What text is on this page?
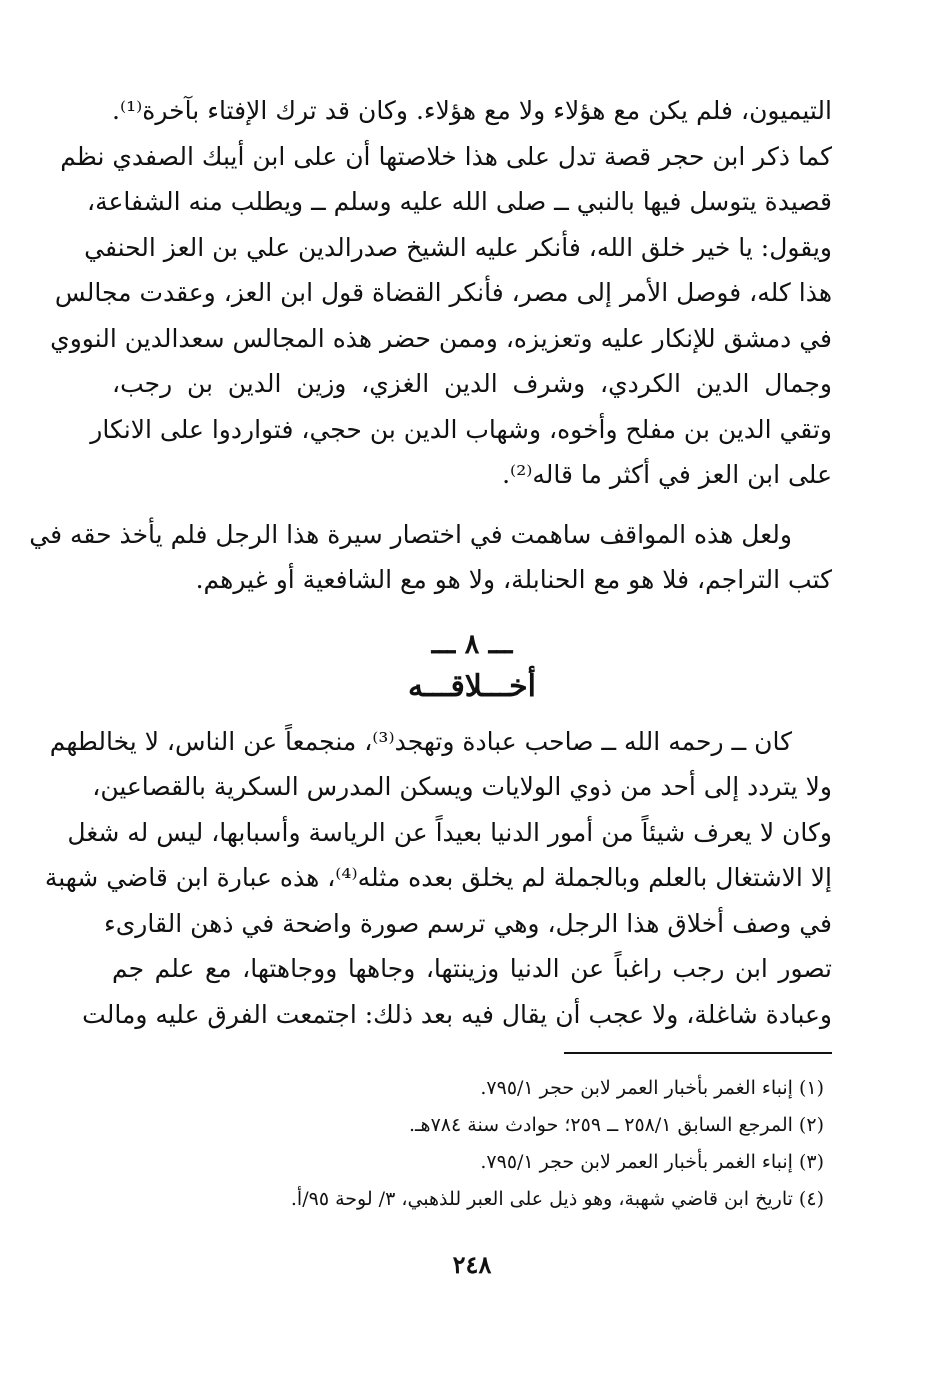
التيميون، فلم يكن مع هؤلاء ولا مع هؤلاء. وكان قد ترك الإفتاء بآخرة⁽¹⁾.
كما ذكر ابن حجر قصة تدل على هذا خلاصتها أن على ابن أيبك الصفدي نظم
قصيدة يتوسل فيها بالنبي ــ صلى الله عليه وسلم ــ ويطلب منه الشفاعة،
ويقول: يا خير خلق الله، فأنكر عليه الشيخ صدرالدين علي بن العز الحنفي
هذا كله، فوصل الأمر إلى مصر، فأنكر القضاة قول ابن العز، وعقدت مجالس
في دمشق للإنكار عليه وتعزيزه، وممن حضر هذه المجالس سعدالدين النووي
وجمال الدين الكردي، وشرف الدين الغزي، وزين الدين بن رجب،
وتقي الدين بن مفلح وأخوه، وشهاب الدين بن حجي، فتواردوا على الانكار
على ابن العز في أكثر ما قاله⁽²⁾.

ولعل هذه المواقف ساهمت في اختصار سيرة هذا الرجل فلم يأخذ حقه في
كتب التراجم، فلا هو مع الحنابلة، ولا هو مع الشافعية أو غيرهم.

ـــ ٨ ـــ
أخـــلاقـــه

كان ــ رحمه الله ــ صاحب عبادة وتهجد⁽³⁾، منجمعاً عن الناس، لا يخالطهم
ولا يتردد إلى أحد من ذوي الولايات ويسكن المدرس السكرية بالقصاعين،
وكان لا يعرف شيئاً من أمور الدنيا بعيداً عن الرياسة وأسبابها، ليس له شغل
إلا الاشتغال بالعلم وبالجملة لم يخلق بعده مثله⁽⁴⁾، هذه عبارة ابن قاضي شهبة
في وصف أخلاق هذا الرجل، وهي ترسم صورة واضحة في ذهن القارىء
تصور ابن رجب راغباً عن الدنيا وزينتها، وجاهها ووجاهتها، مع علم جم
وعبادة شاغلة، ولا عجب أن يقال فيه بعد ذلك: اجتمعت الفرق عليه ومالت

(١) إنباء الغمر بأخبار العمر لابن حجر ٧٩٥/١.
(٢) المرجع السابق ٢٥٨/١ ــ ٢٥٩؛ حوادث سنة ٧٨٤هـ.
(٣) إنباء الغمر بأخبار العمر لابن حجر ٧٩٥/١.
(٤) تاريخ ابن قاضي شهبة، وهو ذيل على العبر للذهبي، ٣/ لوحة ٩٥/أ.
٢٤٨
